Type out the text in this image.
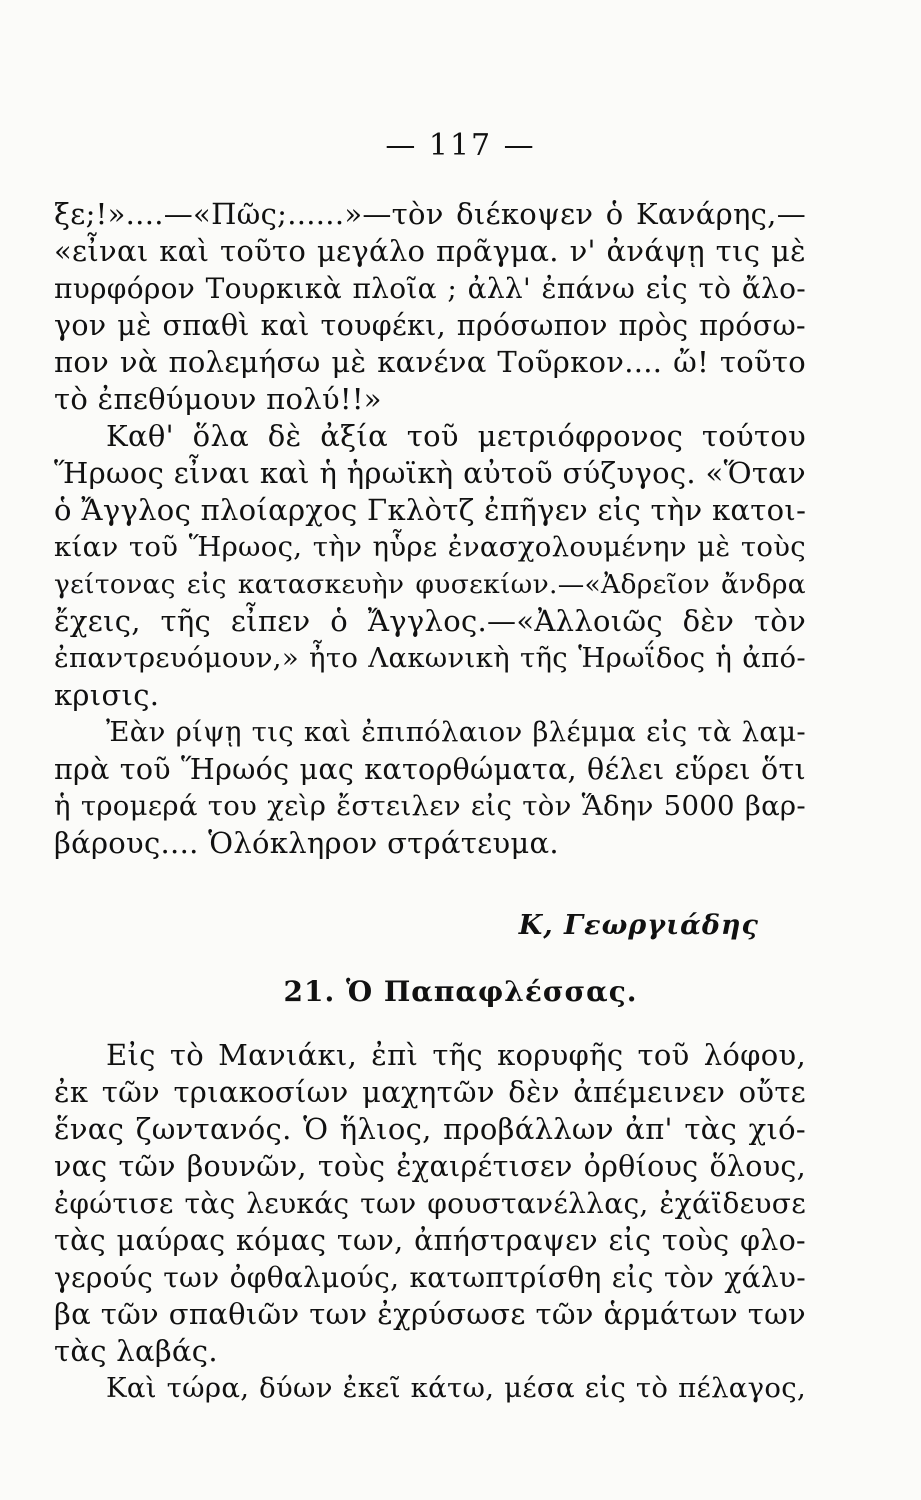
— 117 —
ξε;!»....—«Πῶς;......»—τὸν διέκοψεν ὁ Κανάρης,—
«εἶναι καὶ τοῦτο μεγάλο πρᾶγμα. ν' ἀνάψῃ τις μὲ
πυρφόρον Τουρκικὰ πλοῖα ; ἀλλ' ἐπάνω εἰς τὸ ἄλο-
γον μὲ σπαθὶ καὶ τουφέκι, πρόσωπον πρὸς πρόσω-
πον νὰ πολεμήσω μὲ κανένα Τοῦρκον.... ὤ! τοῦτο
τὸ ἐπεθύμουν πολύ!!»
Καθ' ὅλα δὲ ἀξία τοῦ μετριόφρονος τούτου
Ἥρωος εἶναι καὶ ἡ ἡρωϊκὴ αὐτοῦ σύζυγος. «Ὅταν
ὁ Ἄγγλος πλοίαρχος Γκλὸτζ ἐπῆγεν εἰς τὴν κατοι-
κίαν τοῦ Ἥρωος, τὴν ηὗρε ἐνασχολουμένην μὲ τοὺς
γείτονας εἰς κατασκευὴν φυσεκίων.—«Ἀδρεῖον ἄνδρα
ἔχεις, τῆς εἶπεν ὁ Ἄγγλος.—«Ἀλλοιῶς δὲν τὸν
ἐπαντρευόμουν,» ἦτο Λακωνικὴ τῆς Ἡρωΐδος ἡ ἀπό-
κρισις.
Ἐὰν ρίψῃ τις καὶ ἐπιπόλαιον βλέμμα εἰς τὰ λαμ-
πρὰ τοῦ Ἥρωός μας κατορθώματα, θέλει εὕρει ὅτι
ἡ τρομερά του χεὶρ ἔστειλεν εἰς τὸν Ἅδην 5000 βαρ-
βάρους.... Ὁλόκληρον στράτευμα.
Κ, Γεωργιάδης
21. Ὁ Παπαφλέσσας.
Εἰς τὸ Μανιάκι, ἐπὶ τῆς κορυφῆς τοῦ λόφου,
ἐκ τῶν τριακοσίων μαχητῶν δὲν ἀπέμεινεν οὔτε
ἕνας ζωντανός. Ὁ ἥλιος, προβάλλων ἀπ' τὰς χιό-
νας τῶν βουνῶν, τοὺς ἐχαιρέτισεν ὀρθίους ὅλους,
ἐφώτισε τὰς λευκάς των φουστανέλλας, ἐχάϊδευσε
τὰς μαύρας κόμας των, ἀπήστραψεν εἰς τοὺς φλο-
γερούς των ὀφθαλμούς, κατωπτρίσθη εἰς τὸν χάλυ-
βα τῶν σπαθιῶν των ἐχρύσωσε τῶν ἁρμάτων των
τὰς λαβάς.
Καὶ τώρα, δύων ἐκεῖ κάτω, μέσα εἰς τὸ πέλαγος,
